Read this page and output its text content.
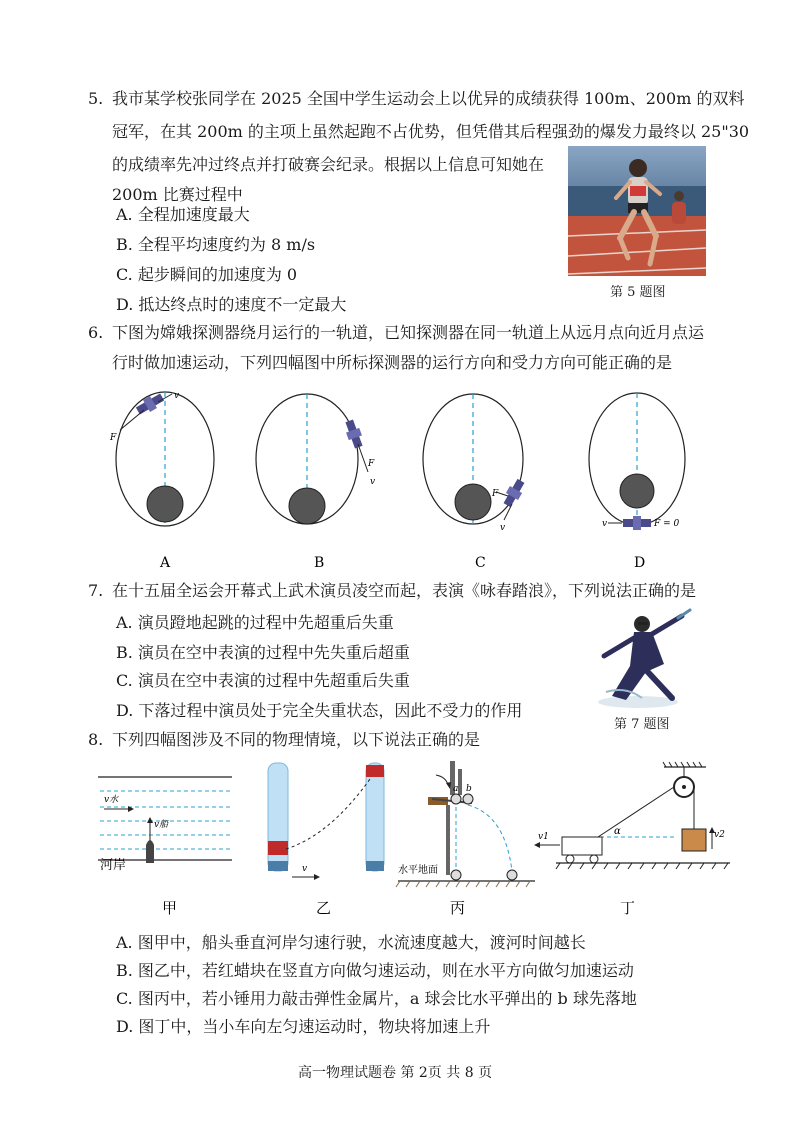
5. 我市某学校张同学在 2025 全国中学生运动会上以优异的成绩获得 100m、200m 的双料
冠军，在其 200m 的主项上虽然起跑不占优势，但凭借其后程强劲的爆发力最终以 25"30
的成绩率先冲过终点并打破赛会纪录。根据以上信息可知她在
200m 比赛过程中
A. 全程加速度最大
B. 全程平均速度约为 8 m/s
C. 起步瞬间的加速度为 0
D. 抵达终点时的速度不一定最大
第 5 题图
6. 下图为嫦娥探测器绕月运行的一轨道，已知探测器在同一轨道上从远月点向近月点运
行时做加速运动，下列四幅图中所标探测器的运行方向和受力方向可能正确的是
v
F
F
v
F
v	v	F = 0
A	B	C	D
7. 在十五届全运会开幕式上武术演员凌空而起，表演《咏春踏浪》，下列说法正确的是
A. 演员蹬地起跳的过程中先超重后失重
B. 演员在空中表演的过程中先失重后超重
C. 演员在空中表演的过程中先超重后失重
D. 下落过程中演员处于完全失重状态，因此不受力的作用
第 7 题图
8. 下列四幅图涉及不同的物理情境，以下说法正确的是
v水
v船
河岸	v
a b
水平地面
v2
α
v1
甲	乙	丙	丁
A. 图甲中，船头垂直河岸匀速行驶，水流速度越大，渡河时间越长
B. 图乙中，若红蜡块在竖直方向做匀速运动，则在水平方向做匀加速运动
C. 图丙中，若小锤用力敲击弹性金属片，a 球会比水平弹出的 b 球先落地
D. 图丁中，当小车向左匀速运动时，物块将加速上升
高一物理试题卷 第 2页 共 8 页
